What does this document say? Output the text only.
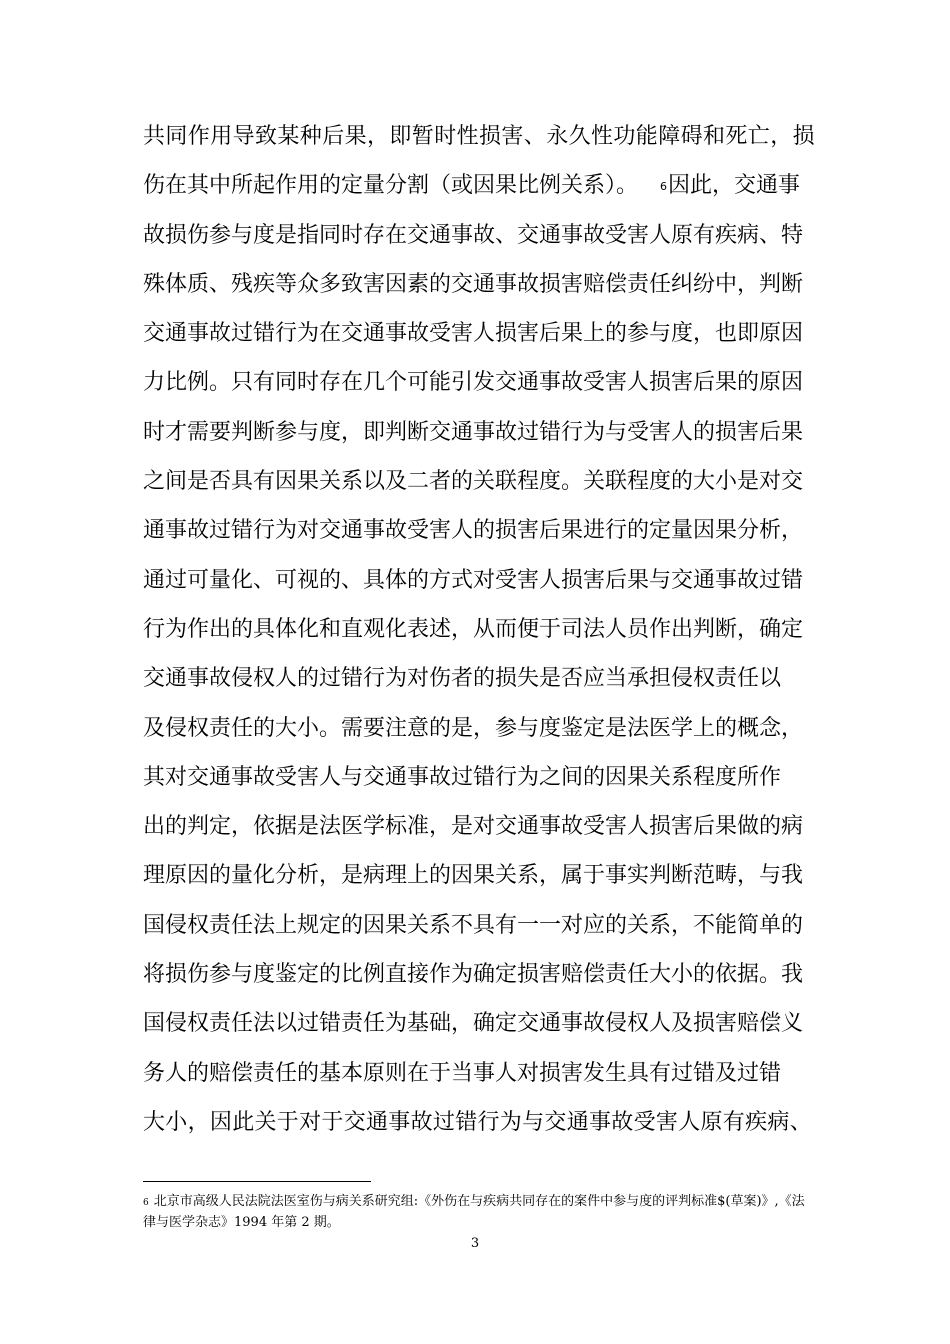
共同作用导致某种后果，即暂时性损害、永久性功能障碍和死亡，损
伤在其中所起作用的定量分割（或因果比例关系）。 $^6$因此，交通事
故损伤参与度是指同时存在交通事故、交通事故受害人原有疾病、特
殊体质、残疾等众多致害因素的交通事故损害赔偿责任纠纷中，判断
交通事故过错行为在交通事故受害人损害后果上的参与度，也即原因
力比例。只有同时存在几个可能引发交通事故受害人损害后果的原因
时才需要判断参与度，即判断交通事故过错行为与受害人的损害后果
之间是否具有因果关系以及二者的关联程度。关联程度的大小是对交
通事故过错行为对交通事故受害人的损害后果进行的定量因果分析，
通过可量化、可视的、具体的方式对受害人损害后果与交通事故过错
行为作出的具体化和直观化表述，从而便于司法人员作出判断，确定
交通事故侵权人的过错行为对伤者的损失是否应当承担侵权责任以
及侵权责任的大小。需要注意的是，参与度鉴定是法医学上的概念，
其对交通事故受害人与交通事故过错行为之间的因果关系程度所作
出的判定，依据是法医学标准，是对交通事故受害人损害后果做的病
理原因的量化分析，是病理上的因果关系，属于事实判断范畴，与我
国侵权责任法上规定的因果关系不具有一一对应的关系，不能简单的
将损伤参与度鉴定的比例直接作为确定损害赔偿责任大小的依据。我
国侵权责任法以过错责任为基础，确定交通事故侵权人及损害赔偿义
务人的赔偿责任的基本原则在于当事人对损害发生具有过错及过错
大小，因此关于对于交通事故过错行为与交通事故受害人原有疾病、
6 北京市高级人民法院法医室伤与病关系研究组:《外伤在与疾病共同存在的案件中参与度的评判标准$(草案)》,《法律与医学杂志》1994 年第 2 期。
3
